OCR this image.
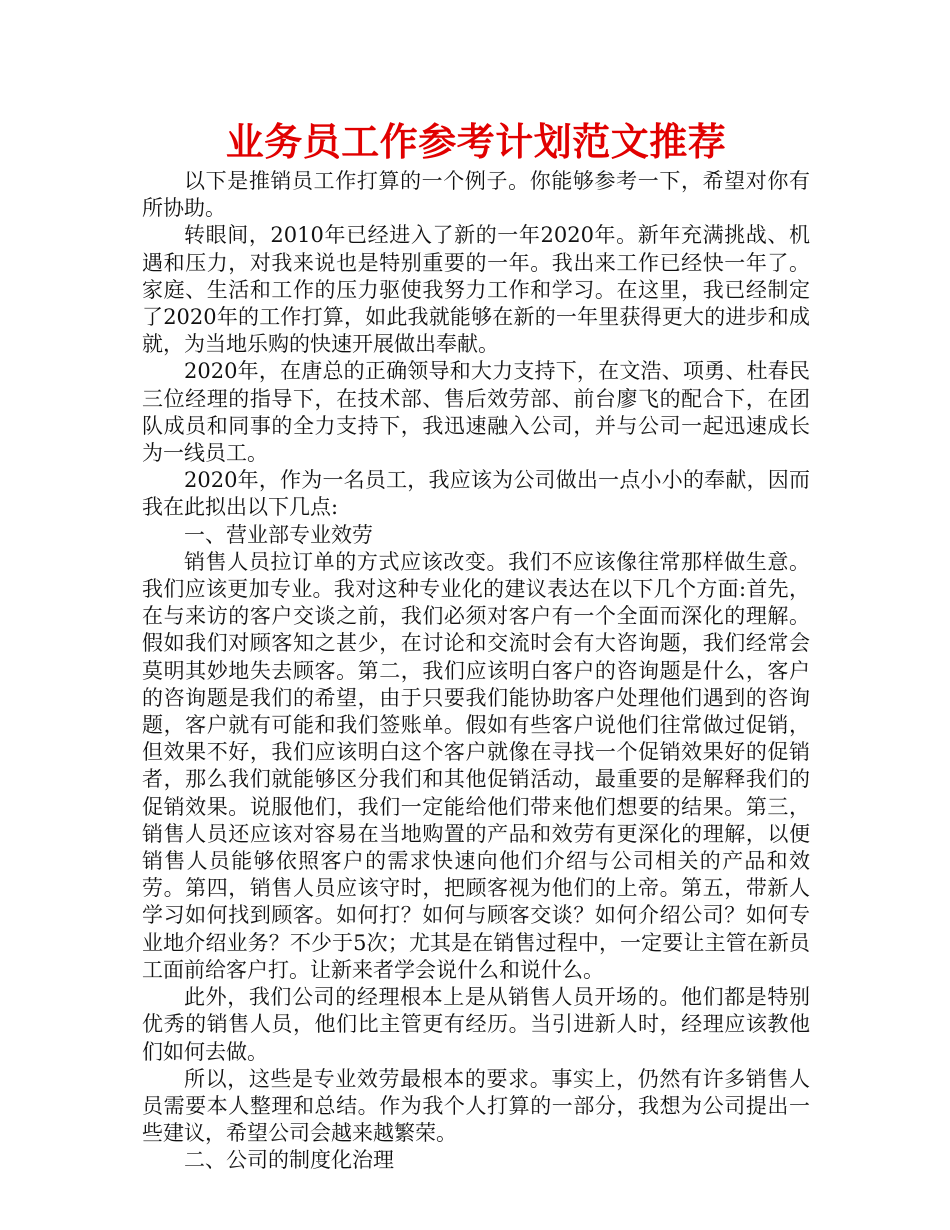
业务员工作参考计划范文推荐

以下是推销员工作打算的一个例子。你能够参考一下，希望对你有所协助。

转眼间，2010年已经进入了新的一年2020年。新年充满挑战、机遇和压力，对我来说也是特别重要的一年。我出来工作已经快一年了。家庭、生活和工作的压力驱使我努力工作和学习。在这里，我已经制定了2020年的工作打算，如此我就能够在新的一年里获得更大的进步和成就，为当地乐购的快速开展做出奉献。

2020年，在唐总的正确领导和大力支持下，在文浩、项勇、杜春民三位经理的指导下，在技术部、售后效劳部、前台廖飞的配合下，在团队成员和同事的全力支持下，我迅速融入公司，并与公司一起迅速成长为一线员工。

2020年，作为一名员工，我应该为公司做出一点小小的奉献，因而我在此拟出以下几点:

一、营业部专业效劳

销售人员拉订单的方式应该改变。我们不应该像往常那样做生意。我们应该更加专业。我对这种专业化的建议表达在以下几个方面:首先，在与来访的客户交谈之前，我们必须对客户有一个全面而深化的理解。假如我们对顾客知之甚少，在讨论和交流时会有大咨询题，我们经常会莫明其妙地失去顾客。第二，我们应该明白客户的咨询题是什么，客户的咨询题是我们的希望，由于只要我们能协助客户处理他们遇到的咨询题，客户就有可能和我们签账单。假如有些客户说他们往常做过促销，但效果不好，我们应该明白这个客户就像在寻找一个促销效果好的促销者，那么我们就能够区分我们和其他促销活动，最重要的是解释我们的促销效果。说服他们，我们一定能给他们带来他们想要的结果。第三，销售人员还应该对容易在当地购置的产品和效劳有更深化的理解，以便销售人员能够依照客户的需求快速向他们介绍与公司相关的产品和效劳。第四，销售人员应该守时，把顾客视为他们的上帝。第五，带新人学习如何找到顾客。如何打？如何与顾客交谈？如何介绍公司？如何专业地介绍业务？不少于5次；尤其是在销售过程中，一定要让主管在新员工面前给客户打。让新来者学会说什么和说什么。

此外，我们公司的经理根本上是从销售人员开场的。他们都是特别优秀的销售人员，他们比主管更有经历。当引进新人时，经理应该教他们如何去做。

所以，这些是专业效劳最根本的要求。事实上，仍然有许多销售人员需要本人整理和总结。作为我个人打算的一部分，我想为公司提出一些建议，希望公司会越来越繁荣。

二、公司的制度化治理
